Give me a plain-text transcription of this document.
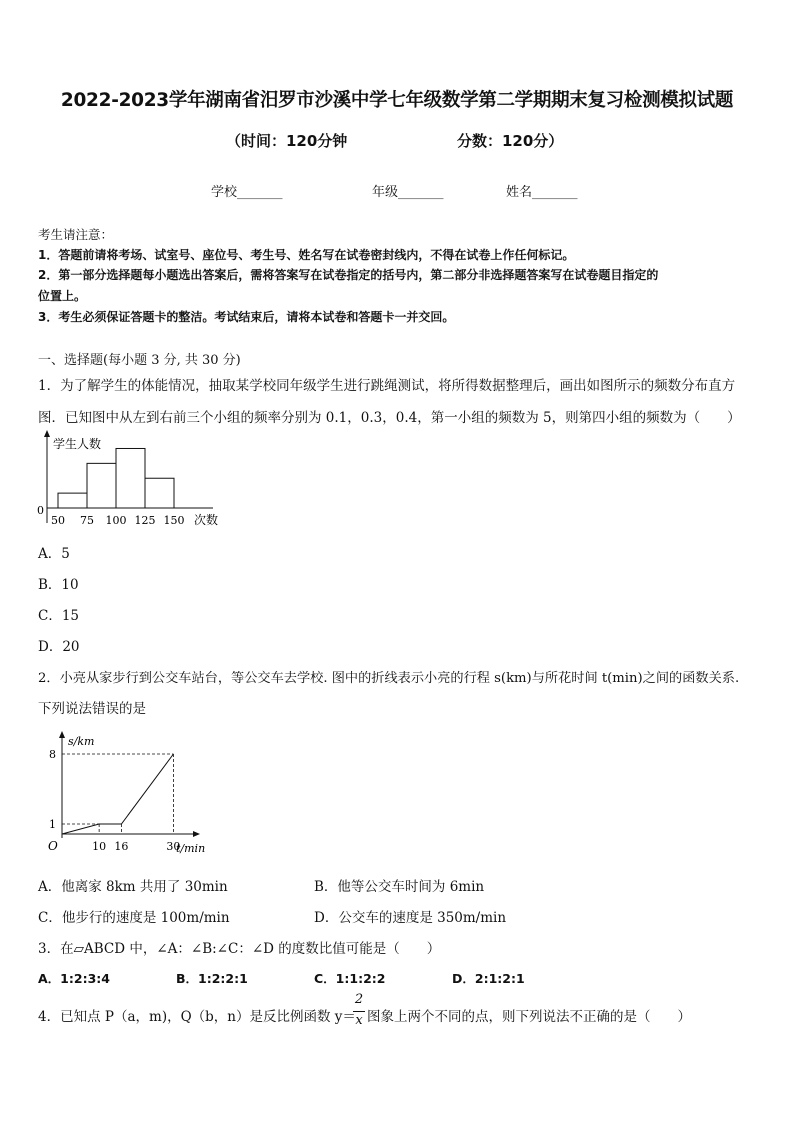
2022-2023学年湖南省汨罗市沙溪中学七年级数学第二学期期末复习检测模拟试题
（时间：120分钟	分数：120分）
学校_______	年级_______	姓名_______
考生请注意：
1．答题前请将考场、试室号、座位号、考生号、姓名写在试卷密封线内，不得在试卷上作任何标记。
2．第一部分选择题每小题选出答案后，需将答案写在试卷指定的括号内，第二部分非选择题答案写在试卷题目指定的
位置上。
3．考生必须保证答题卡的整洁。考试结束后，请将本试卷和答题卡一并交回。
一、选择题(每小题 3 分, 共 30 分)
1．为了解学生的体能情况，抽取某学校同年级学生进行跳绳测试，将所得数据整理后，画出如图所示的频数分布直方
图．已知图中从左到右前三个小组的频率分别为 0.1，0.3，0.4，第一小组的频数为 5，则第四小组的频数为（　　）
学生人数
0
次数
50 75 100 125 150
A．5
B．10
C．15
D．20
2．小亮从家步行到公交车站台，等公交车去学校. 图中的折线表示小亮的行程 s(km)与所花时间 t(min)之间的函数关系.
下列说法错误的是
s/km
t/min
O	10 16	30
1
8
A．他离家 8km 共用了 30min	B．他等公交车时间为 6min
C．他步行的速度是 100m/min	D．公交车的速度是 350m/min
3．在▱ABCD 中，∠A：∠B:∠C：∠D 的度数比值可能是（　　）
A．1:2:3:4	B．1:2:2:1	C．1:1:2:2	D．2:1:2:1
4．已知点 P（a，m)，Q（b，n）是反比例函数 y＝
2
x 图象上两个不同的点，则下列说法不正确的是（　　）
